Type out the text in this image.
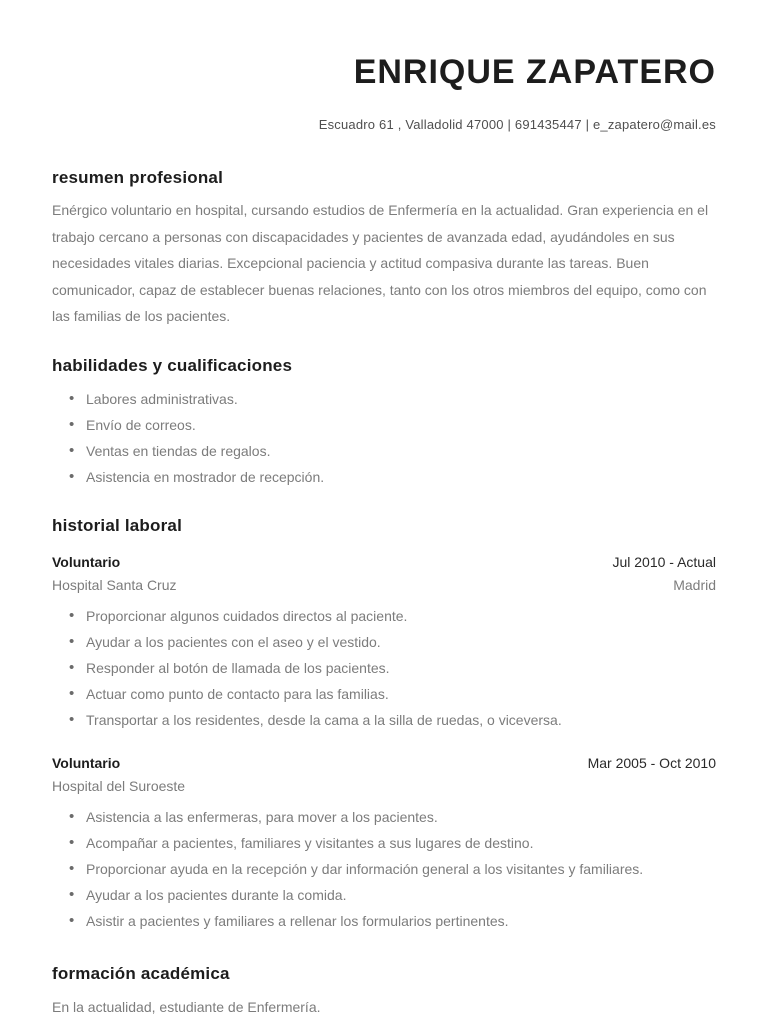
ENRIQUE ZAPATERO
Escuadro 61 , Valladolid 47000 | 691435447 | e_zapatero@mail.es
resumen profesional
Enérgico voluntario en hospital, cursando estudios de Enfermería en la actualidad. Gran experiencia en el trabajo cercano a personas con discapacidades y pacientes de avanzada edad, ayudándoles en sus necesidades vitales diarias. Excepcional paciencia y actitud compasiva durante las tareas. Buen comunicador, capaz de establecer buenas relaciones, tanto con los otros miembros del equipo, como con las familias de los pacientes.
habilidades y cualificaciones
• Labores administrativas.
• Envío de correos.
• Ventas en tiendas de regalos.
• Asistencia en mostrador de recepción.
historial laboral
Voluntario	Jul 2010 - Actual
Hospital Santa Cruz	Madrid
• Proporcionar algunos cuidados directos al paciente.
• Ayudar a los pacientes con el aseo y el vestido.
• Responder al botón de llamada de los pacientes.
• Actuar como punto de contacto para las familias.
• Transportar a los residentes, desde la cama a la silla de ruedas, o viceversa.
Voluntario	Mar 2005 - Oct 2010
Hospital del Suroeste
• Asistencia a las enfermeras, para mover a los pacientes.
• Acompañar a pacientes, familiares y visitantes a sus lugares de destino.
• Proporcionar ayuda en la recepción y dar información general a los visitantes y familiares.
• Ayudar a los pacientes durante la comida.
• Asistir a pacientes y familiares a rellenar los formularios pertinentes.
formación académica
En la actualidad, estudiante de Enfermería.
